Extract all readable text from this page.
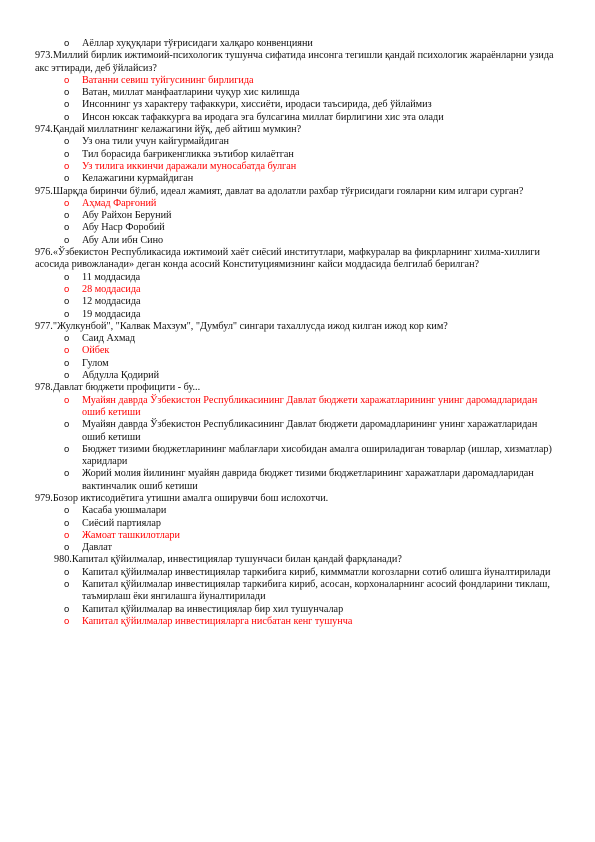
o Аёллар хуқуқлари тўғрисидаги халқаро конвенцияни
973.Миллий бирлик ижтимоий-психологик тушунча сифатида инсонга тегишли қандай психологик жараёнларни узида акс эттиради, деб ўйлайсиз?
o Ватанни севиш туйгусининг бирлигида
o Ватан, миллат манфаатларини чуқур хис килишда
o Инсоннинг уз характеру тафаккури, хиссиёти, иродаси таъсирида, деб ўйлаймиз
o Инсон юксак тафаккурга ва иродага эга булсагина миллат бирлигини хис эта олади
974.Қандай миллатнинг келажагини йўқ, деб айтиш мумкин?
o Уз она тили учун кайгурмайдиган
o Тил борасида бағрикенгликка эътибор килаётган
o Уз тилига иккинчи даражали муносабатда булган
o Келажагини курмайдиган
975.Шарқда биринчи бўлиб, идеал жамият, давлат ва адолатли рахбар тўғрисидаги гояларни ким илгари сурган?
o Аҳмад Фарғоний
o Абу Райхон Беруний
o Абу Наср Форобий
o Абу Али ибн Сино
976.«Ўзбекистон Республикасида ижтимоий хаёт сиёсий институтлари, мафкуралар ва фикрларнинг хилма-хиллиги асосида ривожланади» деган конда асосий Конституциямизнинг кайси моддасида белгилаб берилган?
o 11 моддасида
o 28 моддасида
o 12 моддасида
o 19 моддасида
977."Жулкунбой", "Калвак Махзум", "Думбул" сингари тахаллусда ижод килган ижод кор ким?
o Саид Ахмад
o Ойбек
o Гулом
o Абдулла Қодирий
978.Давлат бюджети профицити - бу...
o Муайян даврда Ўзбекистон Республикасининг Давлат бюджети харажатларининг унинг даромадларидан ошиб кетиши
o Муайян даврда Ўзбекистон Республикасининг Давлат бюджети даромадларининг унинг харажатларидан ошиб кетиши
o Бюджет тизими бюджетларининг маблағлари хисобидан амалга ошириладиган товарлар (ишлар, хизматлар) харидлари
o Жорий молия йилининг муайян даврида бюджет тизими бюджетларининг харажатлари даромадларидан вактинчалик ошиб кетиши
979.Бозор иктисодиётига утишни амалга оширувчи бош ислохотчи.
o Касаба уюшмалари
o Сиёсий партиялар
o Жамоат ташкилотлари
o Давлат
980.Капитал қўйилмалар, инвестициялар тушунчаси билан қандай фарқланади?
o Капитал қўйилмалар инвестициялар таркибига кириб, киммматли когозларни сотиб олишга йуналтирилади
o Капитал қўйилмалар инвестициялар таркибига кириб, асосан, корхоналарнинг асосий фондларини тиклаш, таъмирлаш ёки янгилашга йуналтирилади
o Капитал қўйилмалар ва инвестициялар бир хил тушунчалар
o Капитал қўйилмалар инвестицияларга нисбатан кенг тушунча
